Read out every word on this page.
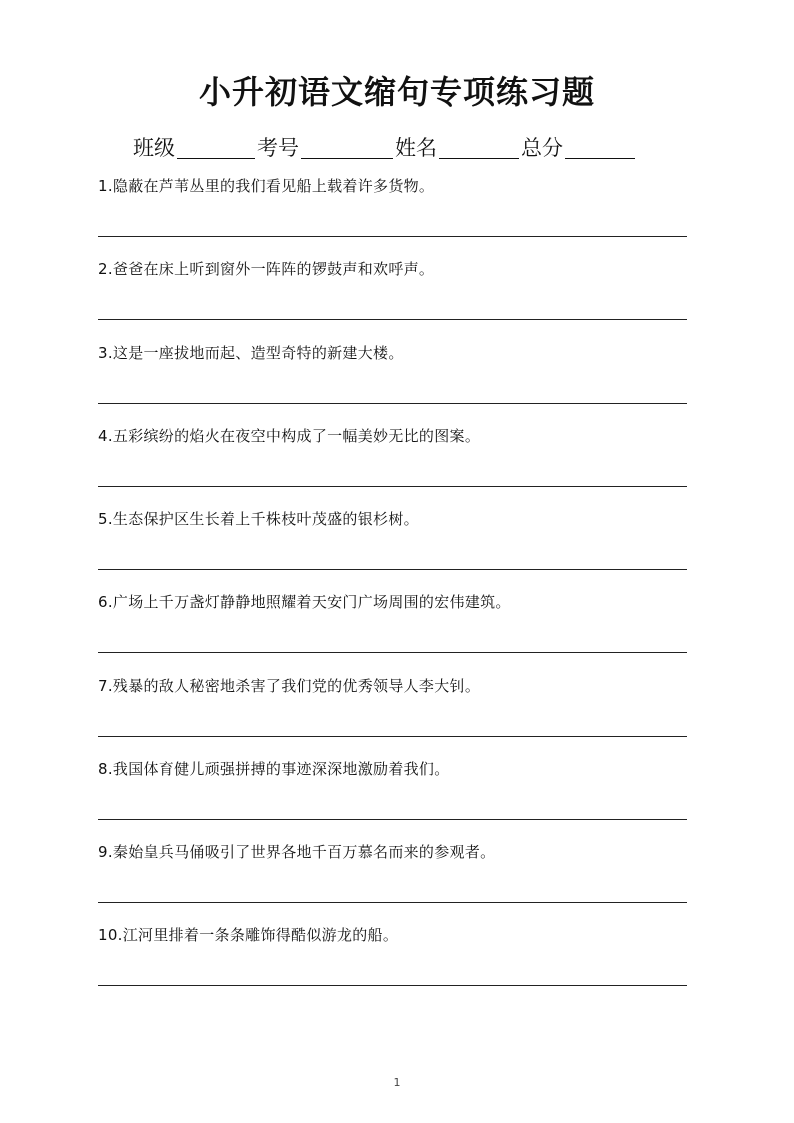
小升初语文缩句专项练习题
班级	考号	姓名	总分
1.隐蔽在芦苇丛里的我们看见船上载着许多货物。
2.爸爸在床上听到窗外一阵阵的锣鼓声和欢呼声。
3.这是一座拔地而起、造型奇特的新建大楼。
4.五彩缤纷的焰火在夜空中构成了一幅美妙无比的图案。
5.生态保护区生长着上千株枝叶茂盛的银杉树。
6.广场上千万盏灯静静地照耀着天安门广场周围的宏伟建筑。
7.残暴的敌人秘密地杀害了我们党的优秀领导人李大钊。
8.我国体育健儿顽强拼搏的事迹深深地激励着我们。
9.秦始皇兵马俑吸引了世界各地千百万慕名而来的参观者。
10.江河里排着一条条雕饰得酷似游龙的船。
1
